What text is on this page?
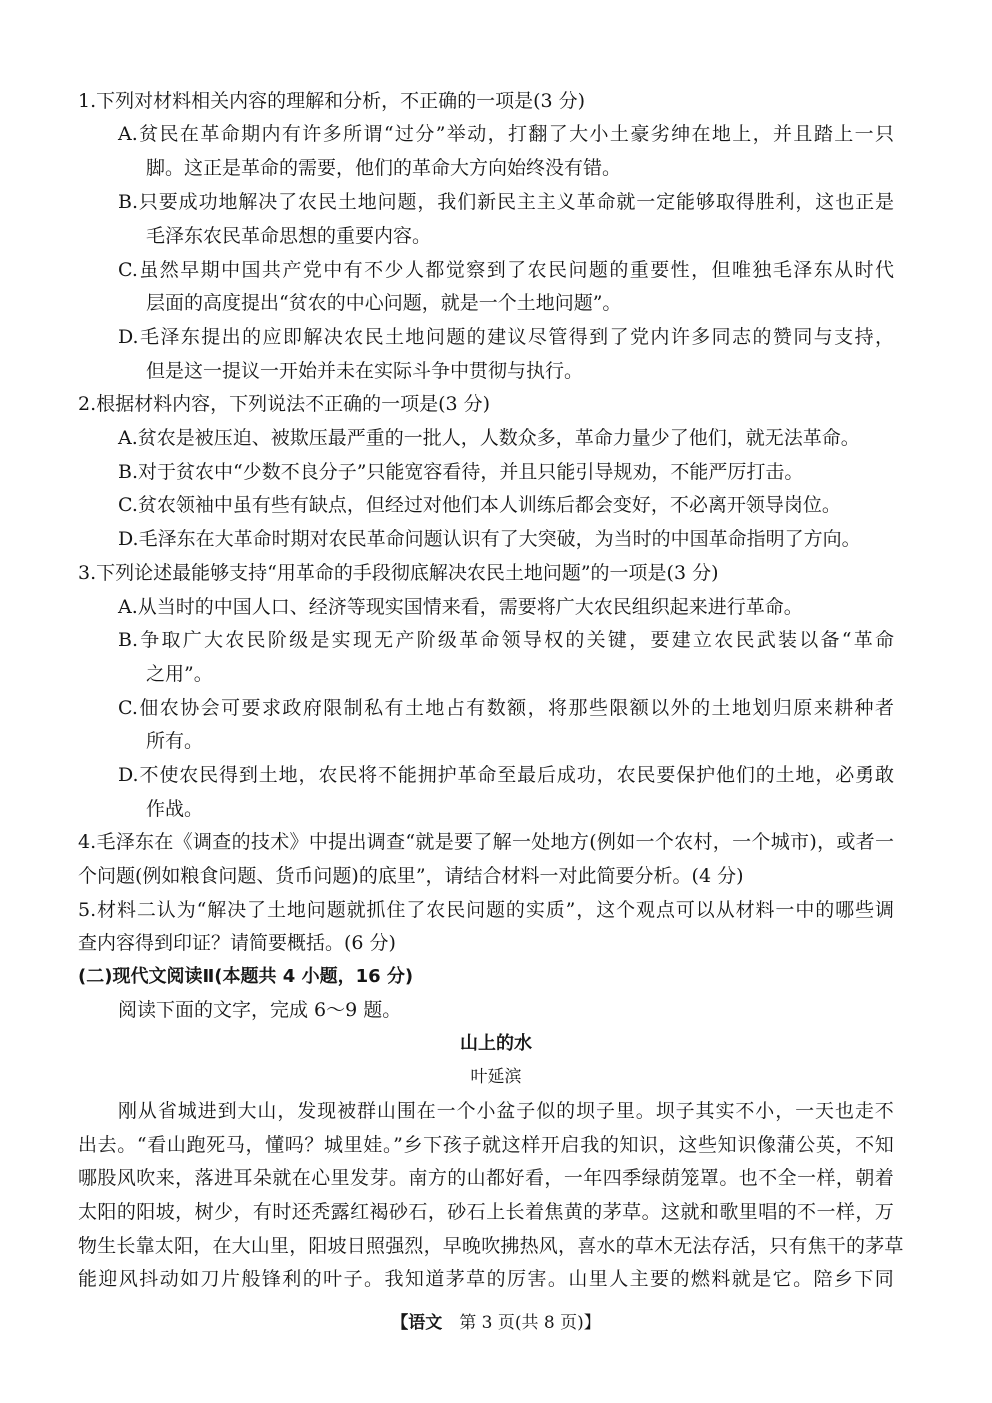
1.下列对材料相关内容的理解和分析，不正确的一项是(3 分)
A.贫民在革命期内有许多所谓“过分”举动，打翻了大小土豪劣绅在地上，并且踏上一只
脚。这正是革命的需要，他们的革命大方向始终没有错。
B.只要成功地解决了农民土地问题，我们新民主主义革命就一定能够取得胜利，这也正是
毛泽东农民革命思想的重要内容。
C.虽然早期中国共产党中有不少人都觉察到了农民问题的重要性，但唯独毛泽东从时代
层面的高度提出“贫农的中心问题，就是一个土地问题”。
D.毛泽东提出的应即解决农民土地问题的建议尽管得到了党内许多同志的赞同与支持，
但是这一提议一开始并未在实际斗争中贯彻与执行。
2.根据材料内容，下列说法不正确的一项是(3 分)
A.贫农是被压迫、被欺压最严重的一批人，人数众多，革命力量少了他们，就无法革命。
B.对于贫农中“少数不良分子”只能宽容看待，并且只能引导规劝，不能严厉打击。
C.贫农领袖中虽有些有缺点，但经过对他们本人训练后都会变好，不必离开领导岗位。
D.毛泽东在大革命时期对农民革命问题认识有了大突破，为当时的中国革命指明了方向。
3.下列论述最能够支持“用革命的手段彻底解决农民土地问题”的一项是(3 分)
A.从当时的中国人口、经济等现实国情来看，需要将广大农民组织起来进行革命。
B.争取广大农民阶级是实现无产阶级革命领导权的关键，要建立农民武装以备“革命
之用”。
C.佃农协会可要求政府限制私有土地占有数额，将那些限额以外的土地划归原来耕种者
所有。
D.不使农民得到土地，农民将不能拥护革命至最后成功，农民要保护他们的土地，必勇敢
作战。
4.毛泽东在《调查的技术》中提出调查“就是要了解一处地方(例如一个农村，一个城市)，或者一
个问题(例如粮食问题、货币问题)的底里”，请结合材料一对此简要分析。(4 分)
5.材料二认为“解决了土地问题就抓住了农民问题的实质”，这个观点可以从材料一中的哪些调
查内容得到印证？请简要概括。(6 分)
(二)现代文阅读Ⅱ(本题共 4 小题，16 分)
阅读下面的文字，完成 6～9 题。
山上的水
叶延滨
刚从省城进到大山，发现被群山围在一个小盆子似的坝子里。坝子其实不小，一天也走不
出去。“看山跑死马，懂吗？城里娃。”乡下孩子就这样开启我的知识，这些知识像蒲公英，不知
哪股风吹来，落进耳朵就在心里发芽。南方的山都好看，一年四季绿荫笼罩。也不全一样，朝着
太阳的阳坡，树少，有时还秃露红褐砂石，砂石上长着焦黄的茅草。这就和歌里唱的不一样，万
物生长靠太阳，在大山里，阳坡日照强烈，早晚吹拂热风，喜水的草木无法存活，只有焦干的茅草
能迎风抖动如刀片般锋利的叶子。我知道茅草的厉害。山里人主要的燃料就是它。陪乡下同
【语文  第 3 页(共 8 页)】
